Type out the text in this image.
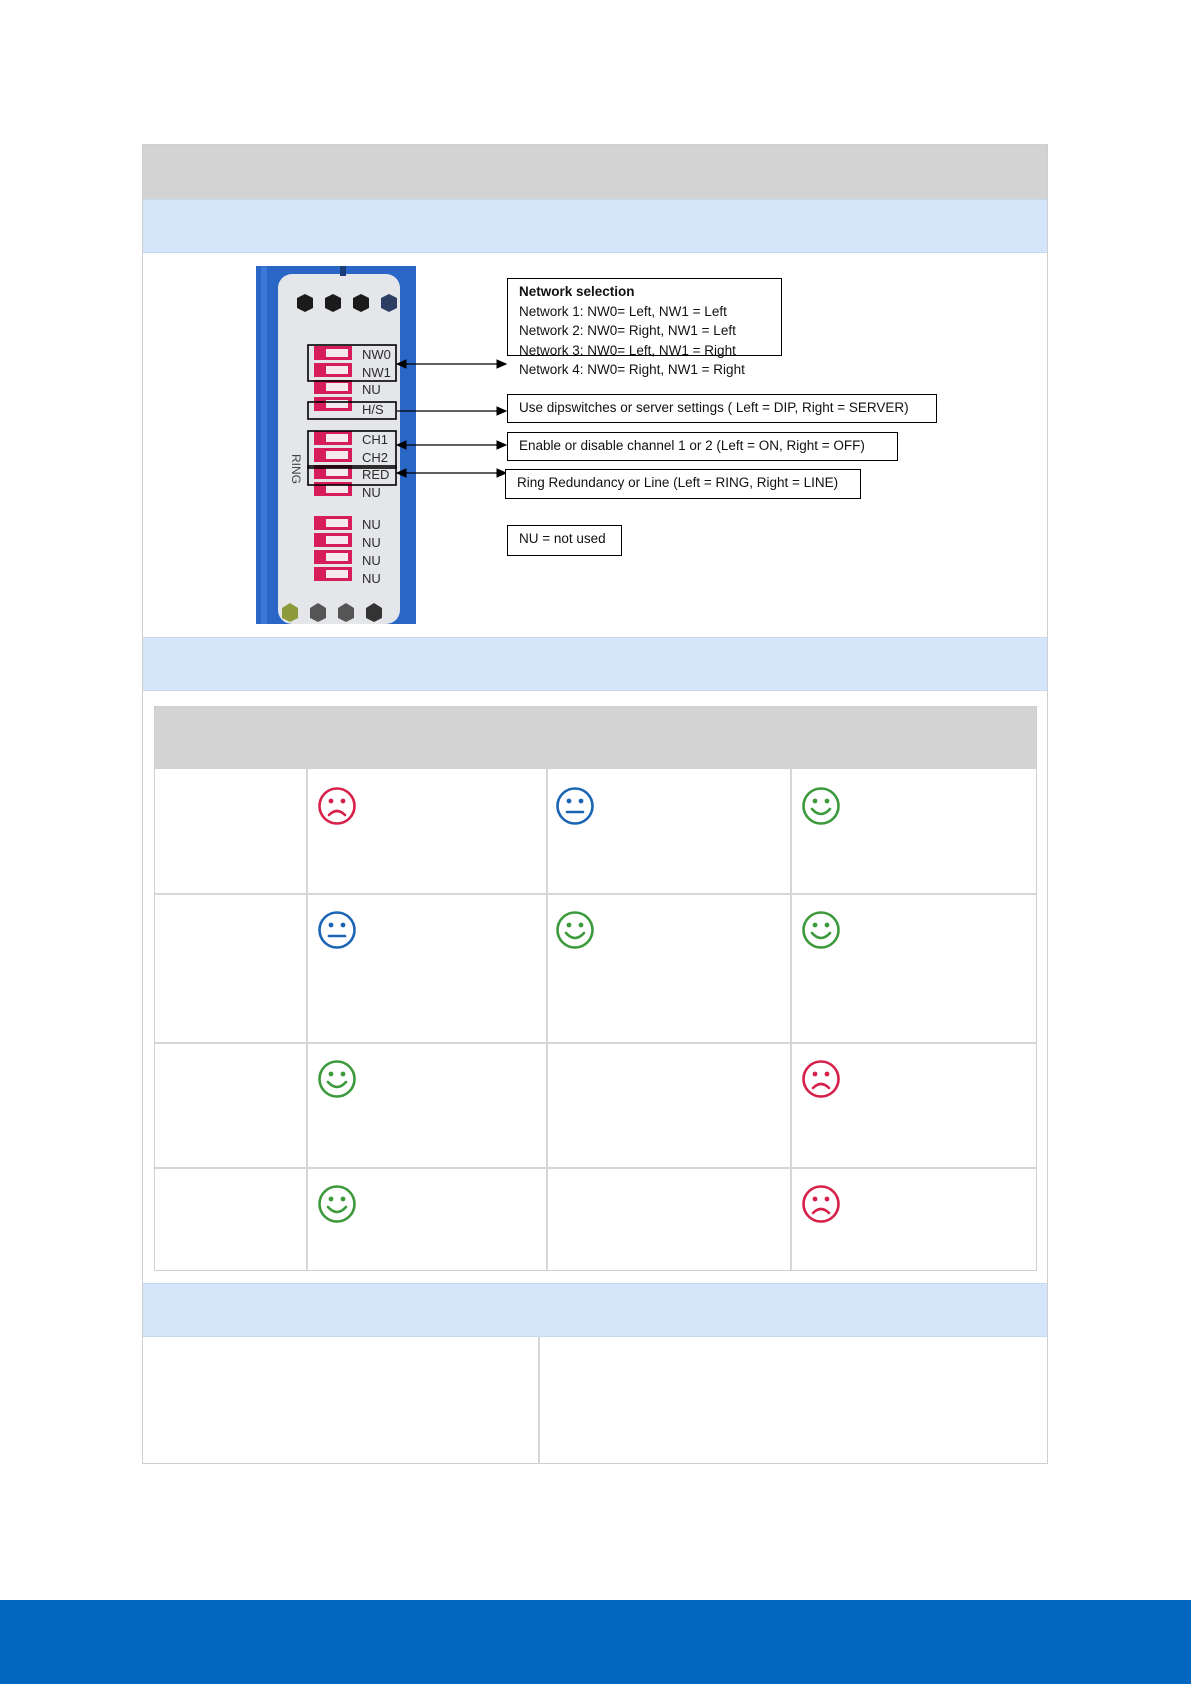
NW0
NW1
NU
H/S
CH1
CH2
RED
NU
NU
NU
NU
NU
RING
Network selection
Network 1: NW0= Left, NW1 = Left
Network 2: NW0= Right, NW1 = Left
Network 3: NW0= Left, NW1 = Right
Network 4: NW0= Right, NW1 = Right
Use dipswitches or server settings ( Left = DIP, Right = SERVER)
Enable or disable channel 1 or 2 (Left = ON, Right = OFF)
Ring Redundancy or Line (Left = RING, Right = LINE)
NU = not used
